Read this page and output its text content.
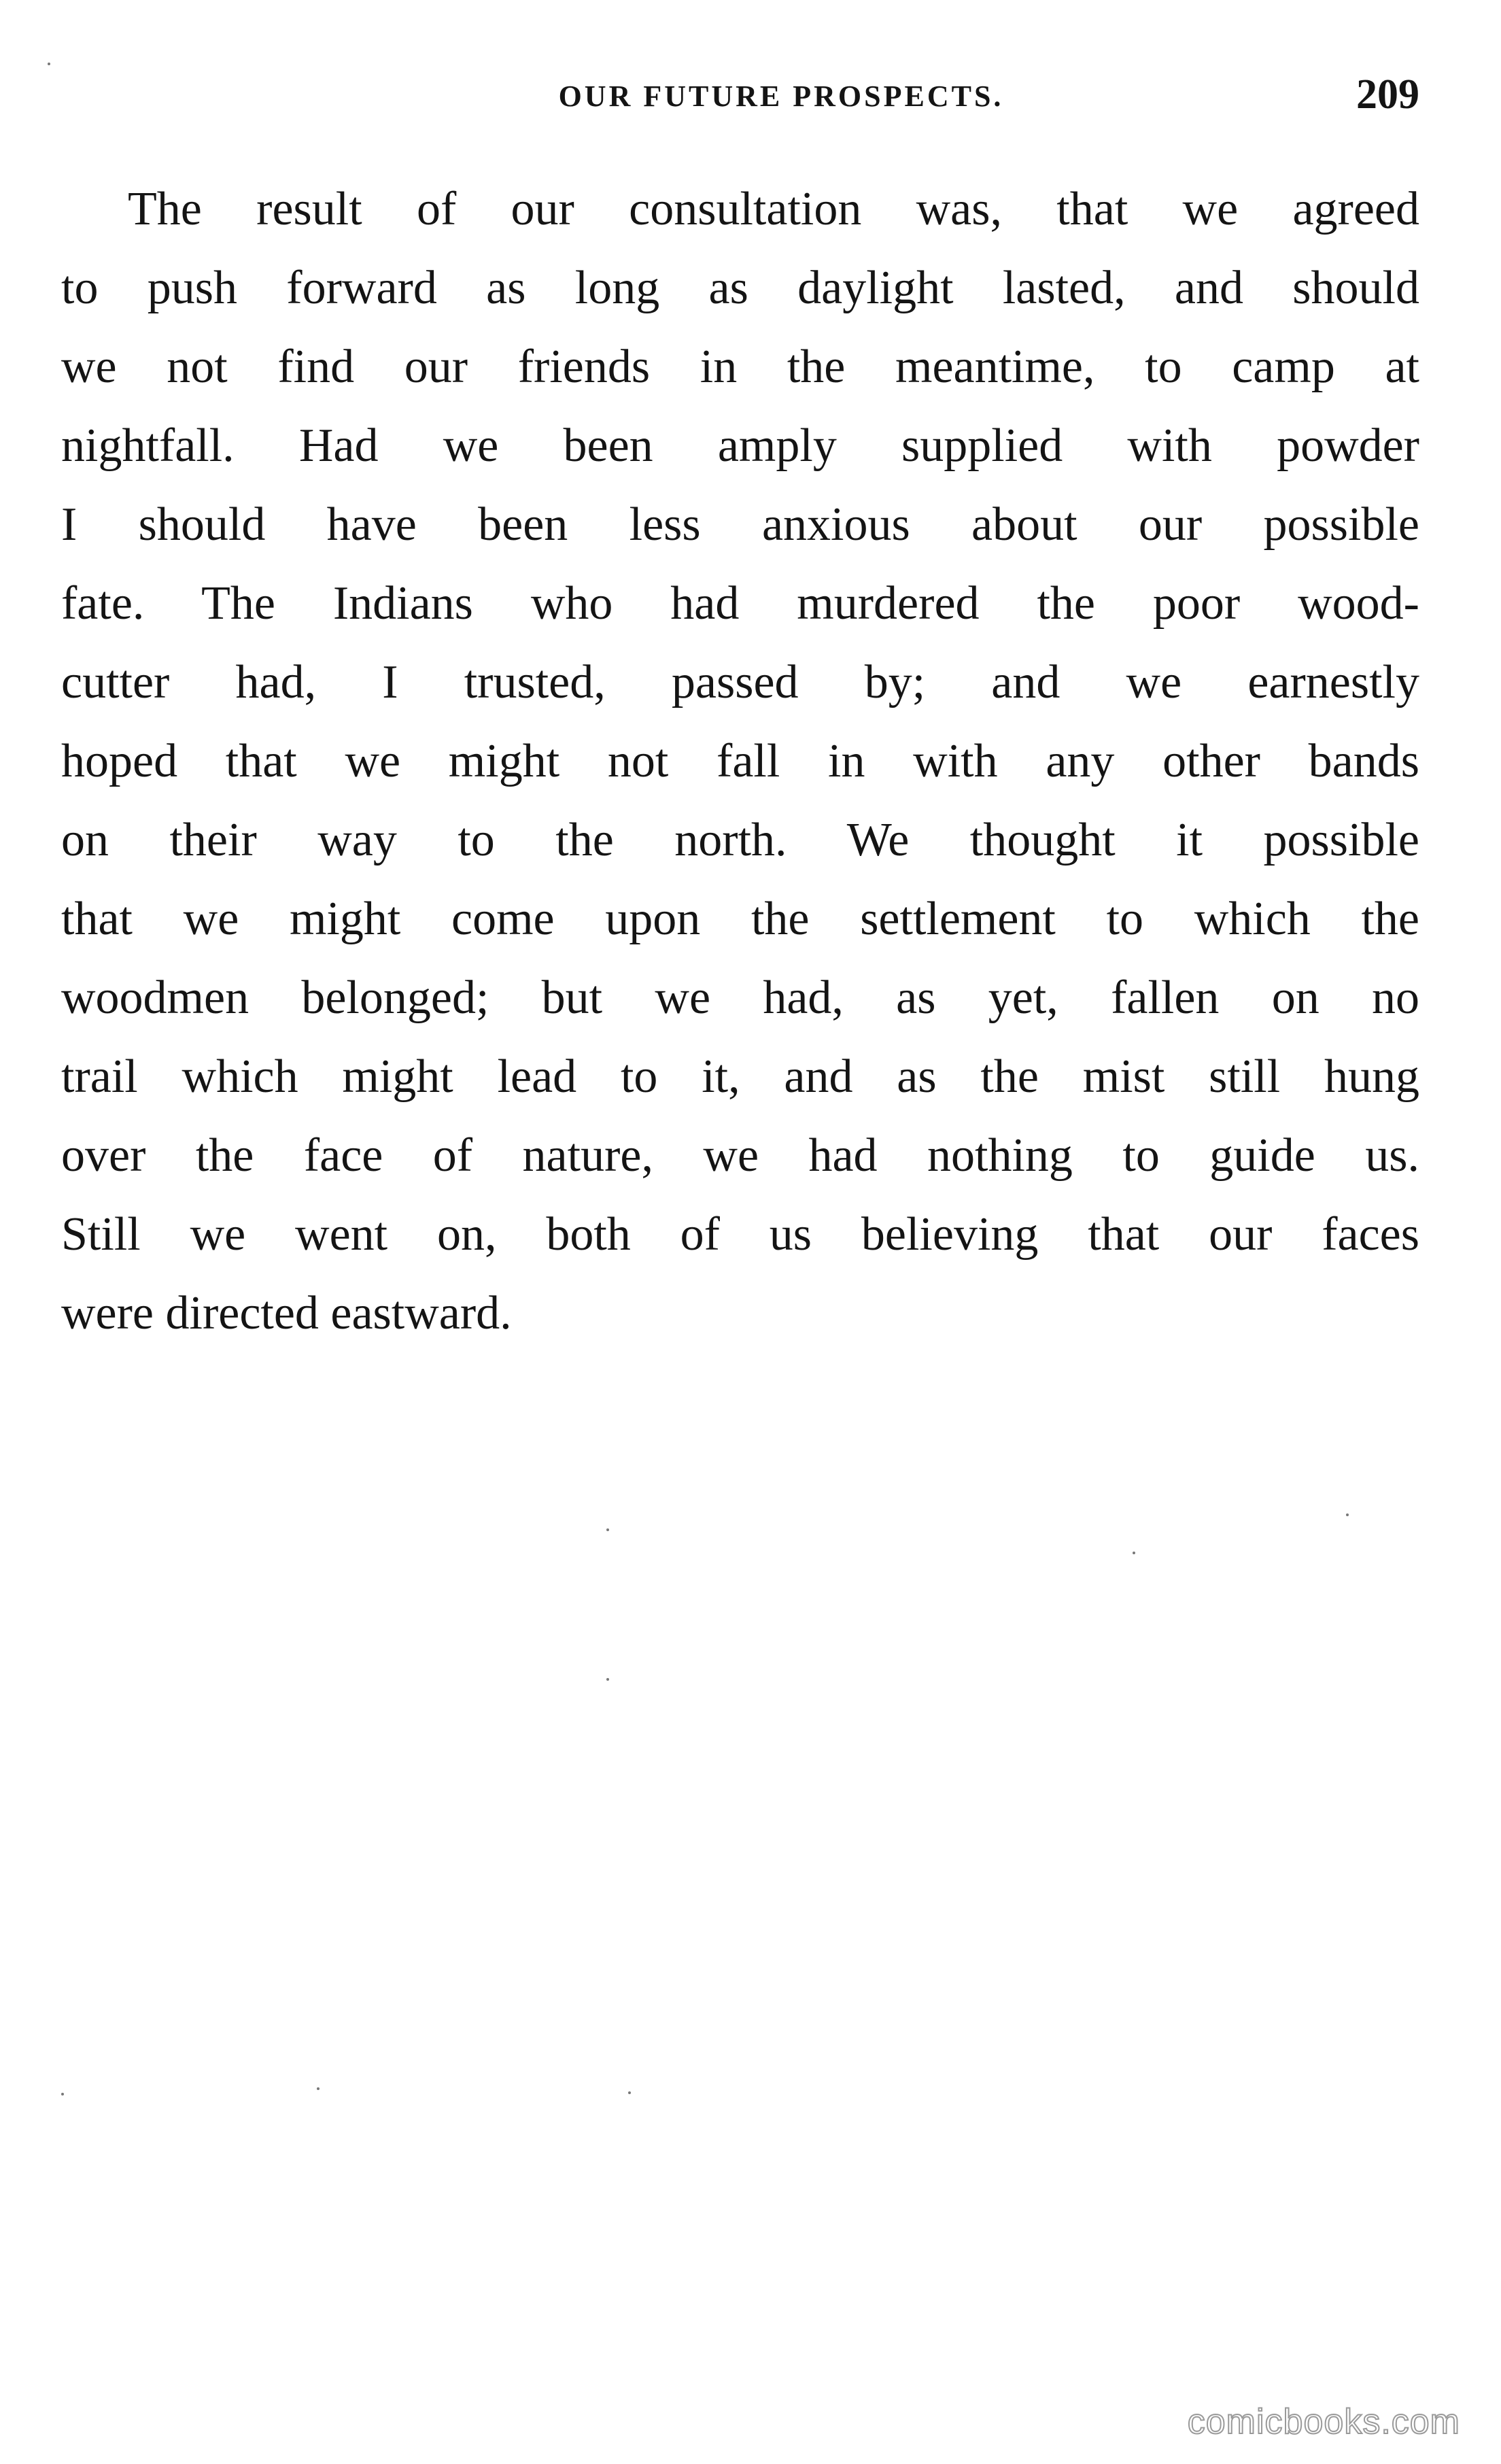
OUR FUTURE PROSPECTS.	209
The result of our consultation was, that we agreed
to push forward as long as daylight lasted, and should
we not find our friends in the meantime, to camp at
nightfall. Had we been amply supplied with powder
I should have been less anxious about our possible
fate. The Indians who had murdered the poor wood-
cutter had, I trusted, passed by; and we earnestly
hoped that we might not fall in with any other bands
on their way to the north. We thought it possible
that we might come upon the settlement to which the
woodmen belonged; but we had, as yet, fallen on no
trail which might lead to it, and as the mist still hung
over the face of nature, we had nothing to guide us.
Still we went on, both of us believing that our faces
were directed eastward.
comicbooks.com
